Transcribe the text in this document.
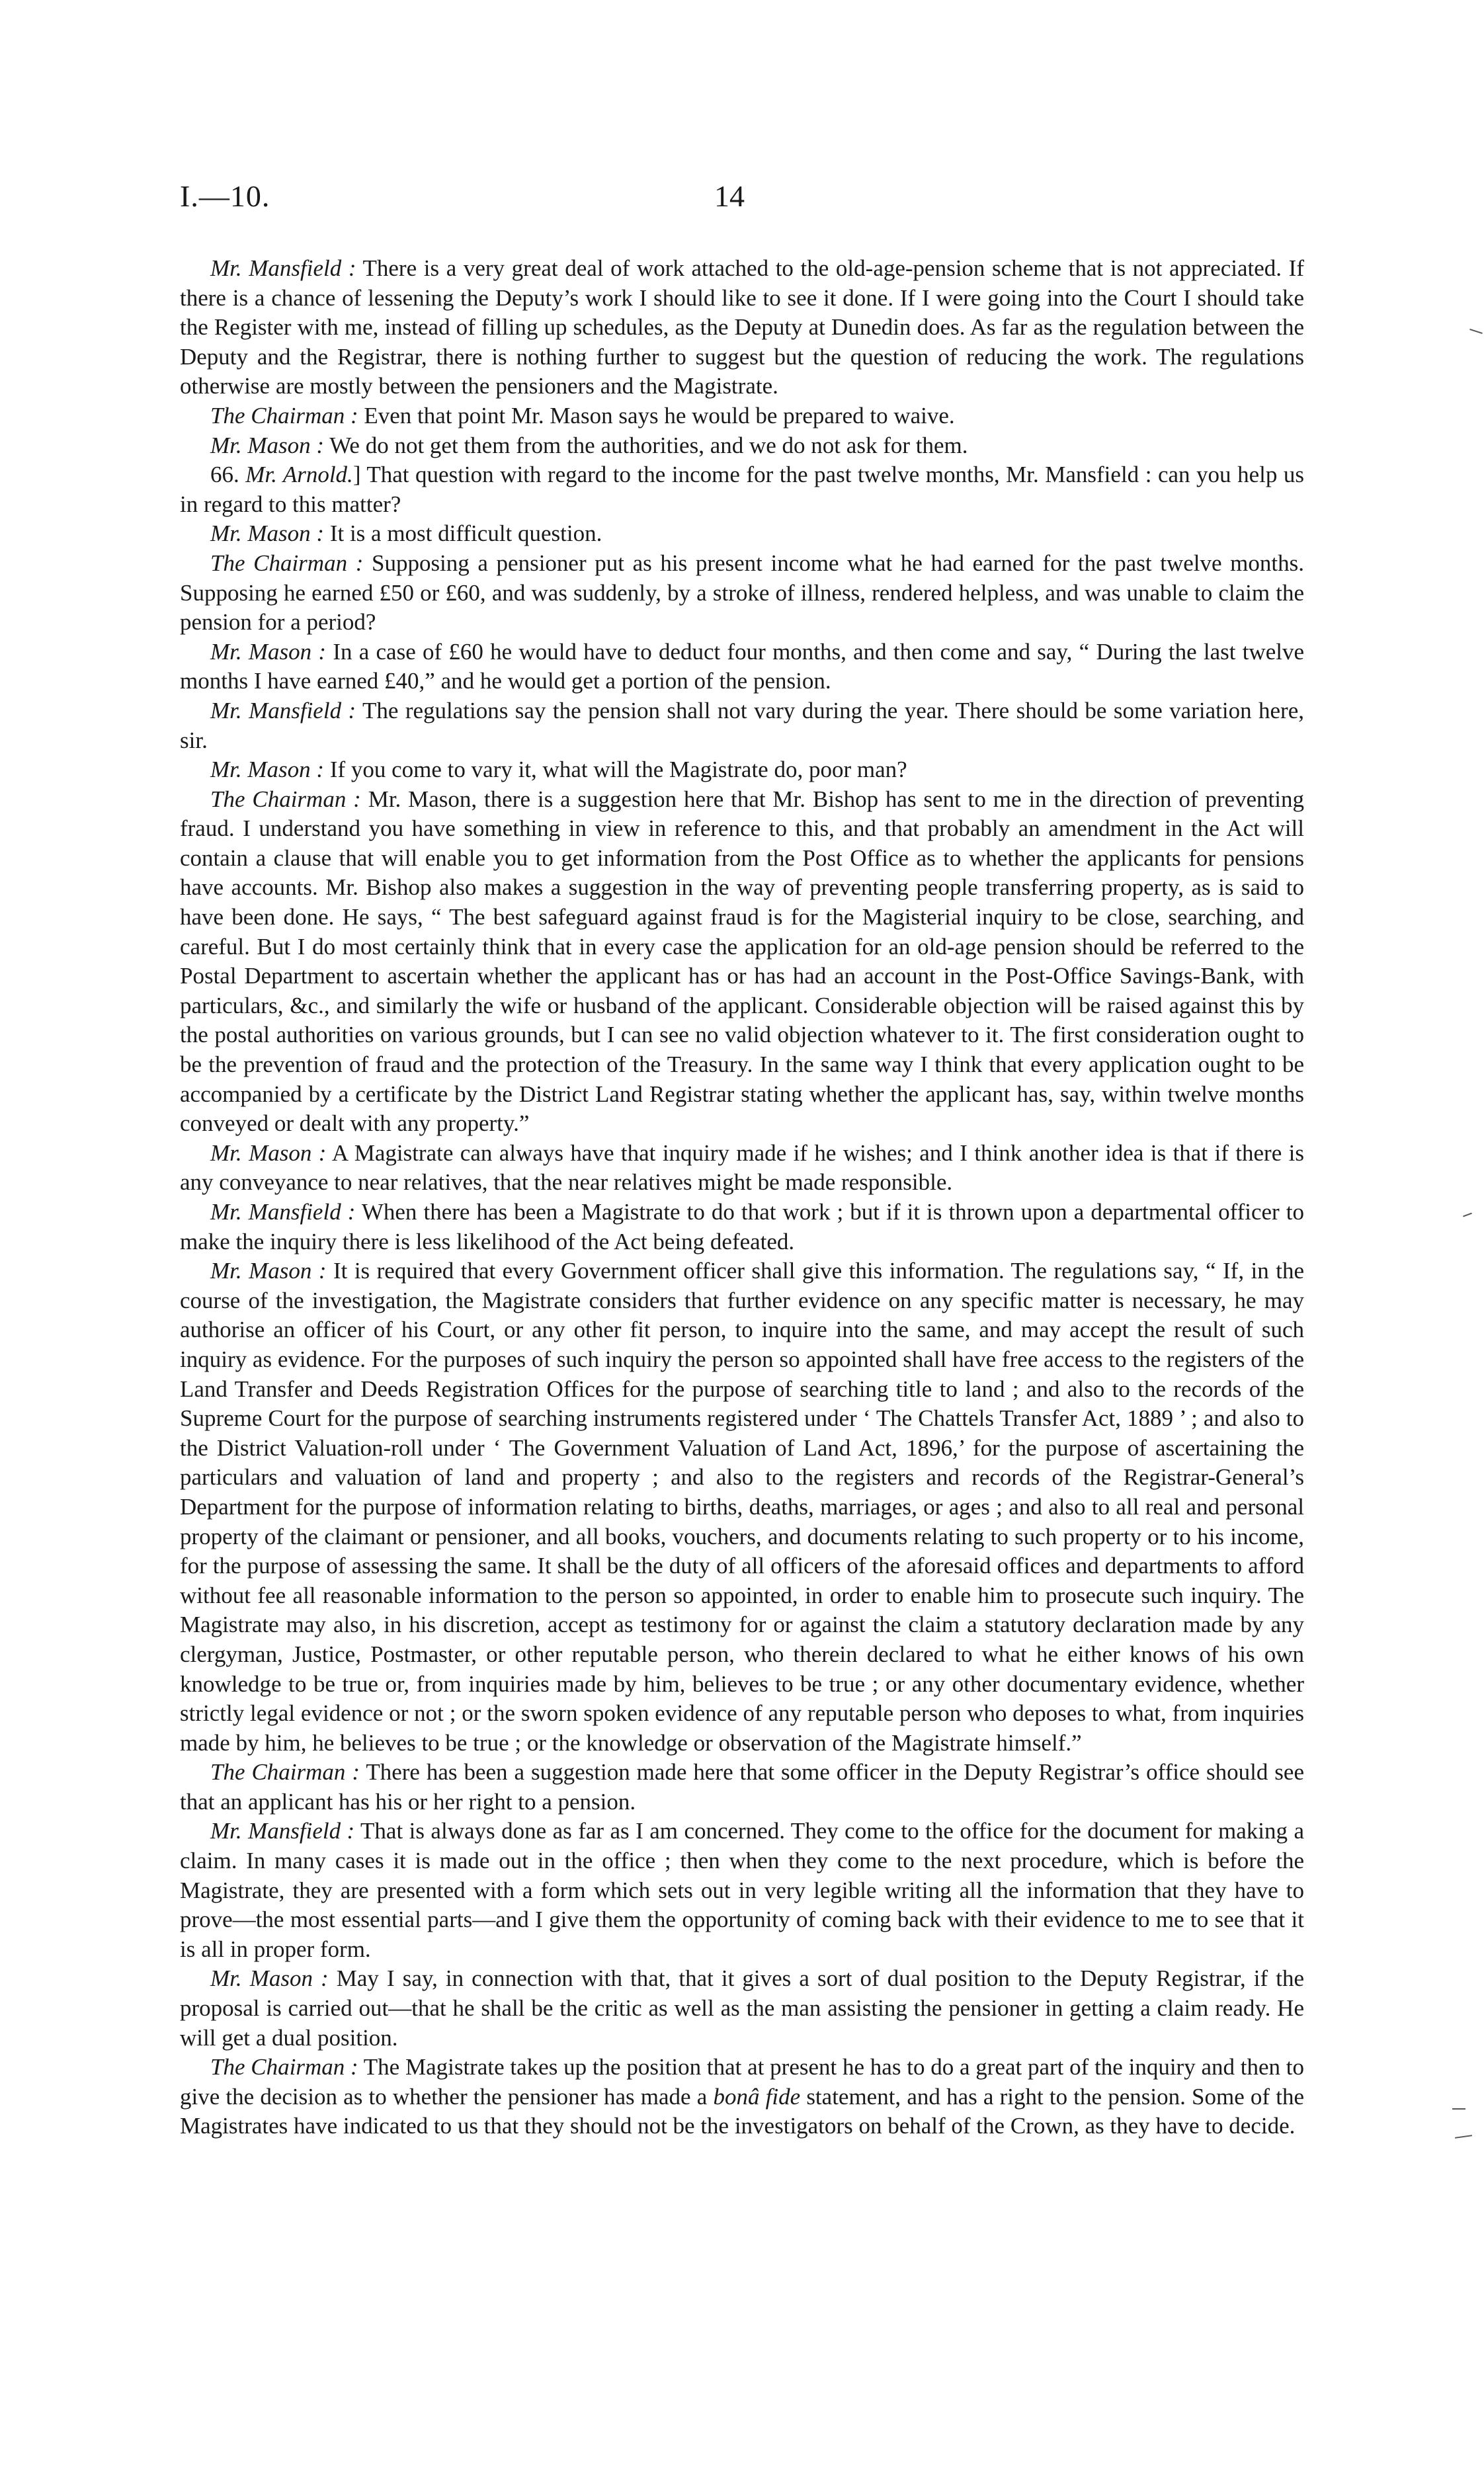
I.—10.	14

Mr. Mansfield : There is a very great deal of work attached to the old-age-pension scheme that is not appreciated. If there is a chance of lessening the Deputy’s work I should like to see it done. If I were going into the Court I should take the Register with me, instead of filling up schedules, as the Deputy at Dunedin does. As far as the regulation between the Deputy and the Registrar, there is nothing further to suggest but the question of reducing the work. The regulations otherwise are mostly between the pensioners and the Magistrate.

The Chairman : Even that point Mr. Mason says he would be prepared to waive.

Mr. Mason : We do not get them from the authorities, and we do not ask for them.

66. Mr. Arnold.] That question with regard to the income for the past twelve months, Mr. Mansfield : can you help us in regard to this matter?

Mr. Mason : It is a most difficult question.

The Chairman : Supposing a pensioner put as his present income what he had earned for the past twelve months. Supposing he earned £50 or £60, and was suddenly, by a stroke of illness, rendered helpless, and was unable to claim the pension for a period?

Mr. Mason : In a case of £60 he would have to deduct four months, and then come and say, “ During the last twelve months I have earned £40,” and he would get a portion of the pension.

Mr. Mansfield : The regulations say the pension shall not vary during the year. There should be some variation here, sir.

Mr. Mason : If you come to vary it, what will the Magistrate do, poor man?

The Chairman : Mr. Mason, there is a suggestion here that Mr. Bishop has sent to me in the direction of preventing fraud. I understand you have something in view in reference to this, and that probably an amendment in the Act will contain a clause that will enable you to get information from the Post Office as to whether the applicants for pensions have accounts. Mr. Bishop also makes a suggestion in the way of preventing people transferring property, as is said to have been done. He says, “ The best safeguard against fraud is for the Magisterial inquiry to be close, searching, and careful. But I do most certainly think that in every case the application for an old-age pension should be referred to the Postal Department to ascertain whether the applicant has or has had an account in the Post-Office Savings-Bank, with particulars, &c., and similarly the wife or husband of the applicant. Considerable objection will be raised against this by the postal authorities on various grounds, but I can see no valid objection whatever to it. The first consideration ought to be the prevention of fraud and the protection of the Treasury. In the same way I think that every application ought to be accompanied by a certificate by the District Land Registrar stating whether the applicant has, say, within twelve months conveyed or dealt with any property.”

Mr. Mason : A Magistrate can always have that inquiry made if he wishes; and I think another idea is that if there is any conveyance to near relatives, that the near relatives might be made responsible.

Mr. Mansfield : When there has been a Magistrate to do that work ; but if it is thrown upon a departmental officer to make the inquiry there is less likelihood of the Act being defeated.

Mr. Mason : It is required that every Government officer shall give this information. The regulations say, “ If, in the course of the investigation, the Magistrate considers that further evidence on any specific matter is necessary, he may authorise an officer of his Court, or any other fit person, to inquire into the same, and may accept the result of such inquiry as evidence. For the purposes of such inquiry the person so appointed shall have free access to the registers of the Land Transfer and Deeds Registration Offices for the purpose of searching title to land ; and also to the records of the Supreme Court for the purpose of searching instruments registered under ‘ The Chattels Transfer Act, 1889 ’ ; and also to the District Valuation-roll under ‘ The Government Valuation of Land Act, 1896,’ for the purpose of ascertaining the particulars and valuation of land and property ; and also to the registers and records of the Registrar-General’s Department for the purpose of information relating to births, deaths, marriages, or ages ; and also to all real and personal property of the claimant or pensioner, and all books, vouchers, and documents relating to such property or to his income, for the purpose of assessing the same. It shall be the duty of all officers of the aforesaid offices and departments to afford without fee all reasonable information to the person so appointed, in order to enable him to prosecute such inquiry. The Magistrate may also, in his discretion, accept as testimony for or against the claim a statutory declaration made by any clergyman, Justice, Postmaster, or other reputable person, who therein declared to what he either knows of his own knowledge to be true or, from inquiries made by him, believes to be true ; or any other documentary evidence, whether strictly legal evidence or not ; or the sworn spoken evidence of any reputable person who deposes to what, from inquiries made by him, he believes to be true ; or the knowledge or observation of the Magistrate himself.”

The Chairman : There has been a suggestion made here that some officer in the Deputy Registrar’s office should see that an applicant has his or her right to a pension.

Mr. Mansfield : That is always done as far as I am concerned. They come to the office for the document for making a claim. In many cases it is made out in the office ; then when they come to the next procedure, which is before the Magistrate, they are presented with a form which sets out in very legible writing all the information that they have to prove—the most essential parts—and I give them the opportunity of coming back with their evidence to me to see that it is all in proper form.

Mr. Mason : May I say, in connection with that, that it gives a sort of dual position to the Deputy Registrar, if the proposal is carried out—that he shall be the critic as well as the man assisting the pensioner in getting a claim ready. He will get a dual position.

The Chairman : The Magistrate takes up the position that at present he has to do a great part of the inquiry and then to give the decision as to whether the pensioner has made a bonâ fide statement, and has a right to the pension. Some of the Magistrates have indicated to us that they should not be the investigators on behalf of the Crown, as they have to decide.
